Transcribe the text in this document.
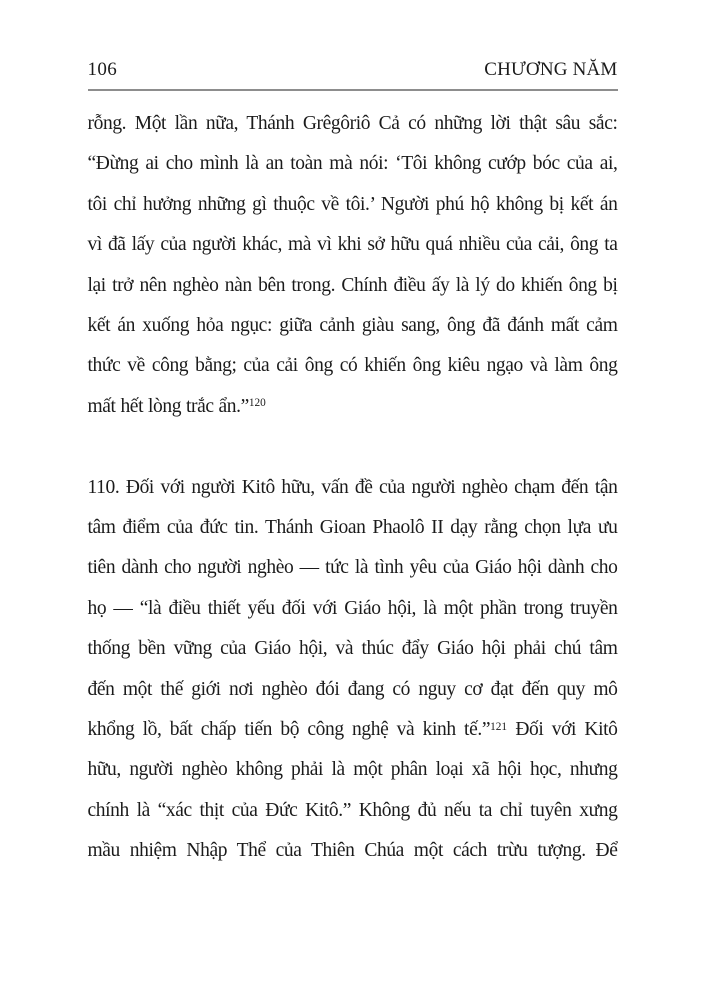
106	CHƯƠNG NĂM
rỗng. Một lần nữa, Thánh Grêgôriô Cả có những lời thật sâu sắc:
“Đừng ai cho mình là an toàn mà nói: ‘Tôi không cướp bóc của ai,
tôi chỉ hưởng những gì thuộc về tôi.’ Người phú hộ không bị kết án
vì đã lấy của người khác, mà vì khi sở hữu quá nhiều của cải, ông ta
lại trở nên nghèo nàn bên trong. Chính điều ấy là lý do khiến ông bị
kết án xuống hỏa ngục: giữa cảnh giàu sang, ông đã đánh mất cảm
thức về công bằng; của cải ông có khiến ông kiêu ngạo và làm ông
mất hết lòng trắc ẩn.”$^{120}$
110. Đối với người Kitô hữu, vấn đề của người nghèo chạm đến tận
tâm điểm của đức tin. Thánh Gioan Phaolô II dạy rằng chọn lựa ưu
tiên dành cho người nghèo — tức là tình yêu của Giáo hội dành cho
họ — “là điều thiết yếu đối với Giáo hội, là một phần trong truyền
thống bền vững của Giáo hội, và thúc đẩy Giáo hội phải chú tâm
đến một thế giới nơi nghèo đói đang có nguy cơ đạt đến quy mô
khổng lồ, bất chấp tiến bộ công nghệ và kinh tế.”$^{121}$ Đối với Kitô
hữu, người nghèo không phải là một phân loại xã hội học, nhưng
chính là “xác thịt của Đức Kitô.” Không đủ nếu ta chỉ tuyên xưng
mầu nhiệm Nhập Thể của Thiên Chúa một cách trừu tượng. Để
